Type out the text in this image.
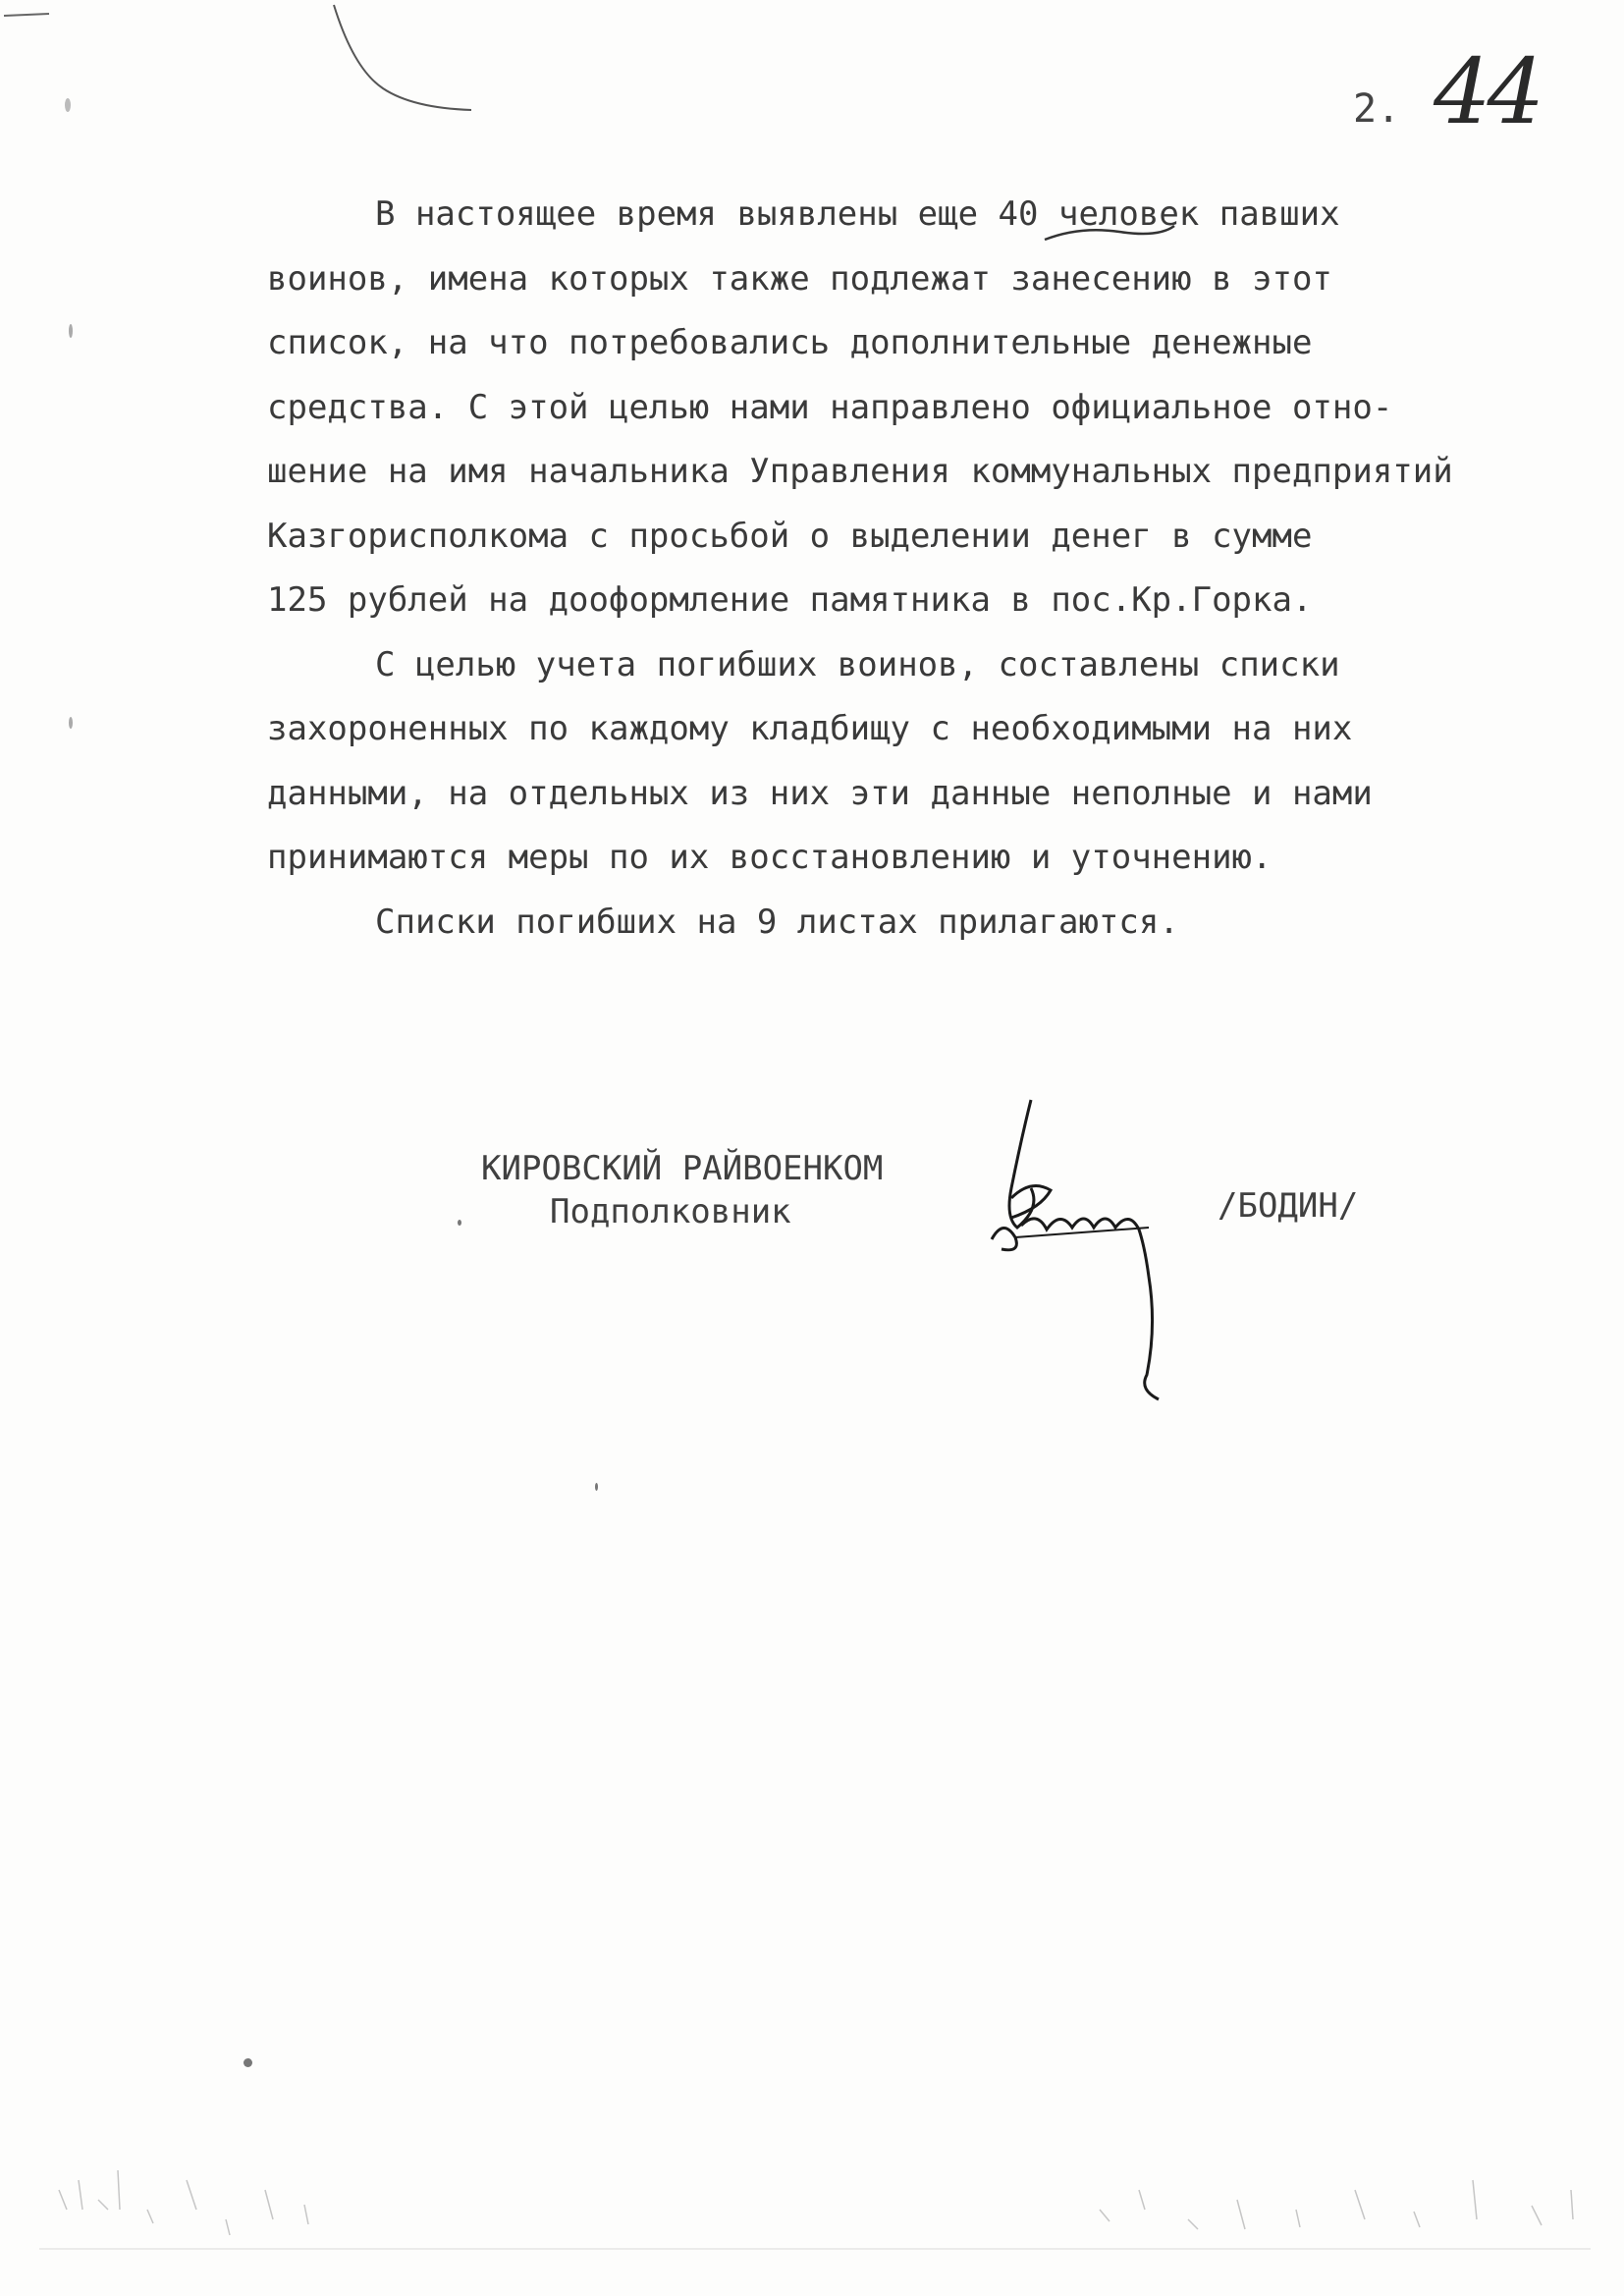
2. 44
В настоящее время выявлены еще 40 человек павших
воинов, имена которых также подлежат занесению в этот
список, на что потребовались дополнительные денежные
средства. С этой целью нами направлено официальное отно-
шение на имя начальника Управления коммунальных предприятий
Казгорисполкома с просьбой о выделении денег в сумме
125 рублей на дооформление памятника в пос.Кр.Горка.
С целью учета погибших воинов, составлены списки
захороненных по каждому кладбищу с необходимыми на них
данными, на отдельных из них эти данные неполные и нами
принимаются меры по их восстановлению и уточнению.
Списки погибших на 9 листах прилагаются.
КИРОВСКИЙ РАЙВОЕНКОМ
Подполковник	/БОДИН/
